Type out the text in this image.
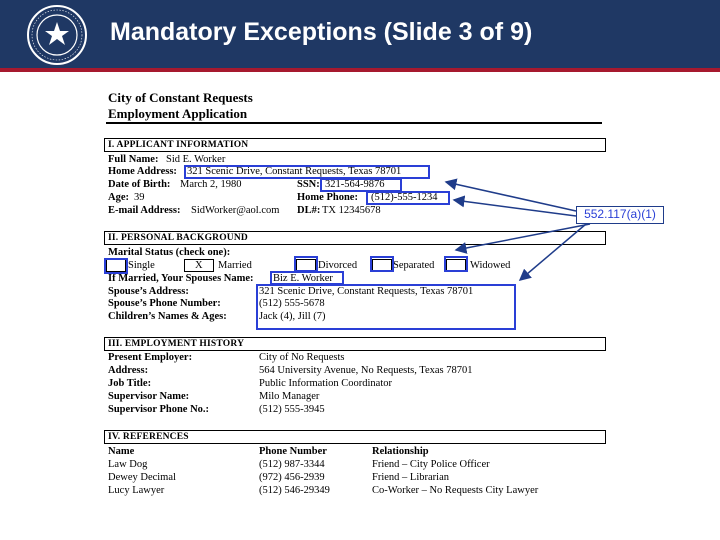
Mandatory Exceptions (Slide 3 of 9)
City of Constant Requests
Employment Application
I. APPLICANT INFORMATION
Full Name: Sid E. Worker
Home Address: 321 Scenic Drive, Constant Requests, Texas 78701
Date of Birth: March 2, 1980	SSN: 321-564-9876
Age: 39	Home Phone: (512)-555-1234
E-mail Address: SidWorker@aol.com DL#: TX 12345678
II. PERSONAL BACKGROUND
Marital Status (check one):
Single	X Married	Divorced	Separated	Widowed
If Married, Your Spouses Name: Biz E. Worker
Spouse’s Address:	321 Scenic Drive, Constant Requests, Texas 78701
Spouse’s Phone Number:	(512) 555-5678
Children’s Names & Ages:	Jack (4), Jill (7)
III. EMPLOYMENT HISTORY
Present Employer:	City of No Requests
Address:	564 University Avenue, No Requests, Texas 78701
Job Title:	Public Information Coordinator
Supervisor Name:	Milo Manager
Supervisor Phone No.:	(512) 555-3945
IV. REFERENCES
Name	Phone Number	Relationship
Law Dog	(512) 987-3344	Friend – City Police Officer
Dewey Decimal	(972) 456-2939	Friend – Librarian
Lucy Lawyer	(512) 546-29349	Co-Worker – No Requests City Lawyer
552.117(a)(1)
